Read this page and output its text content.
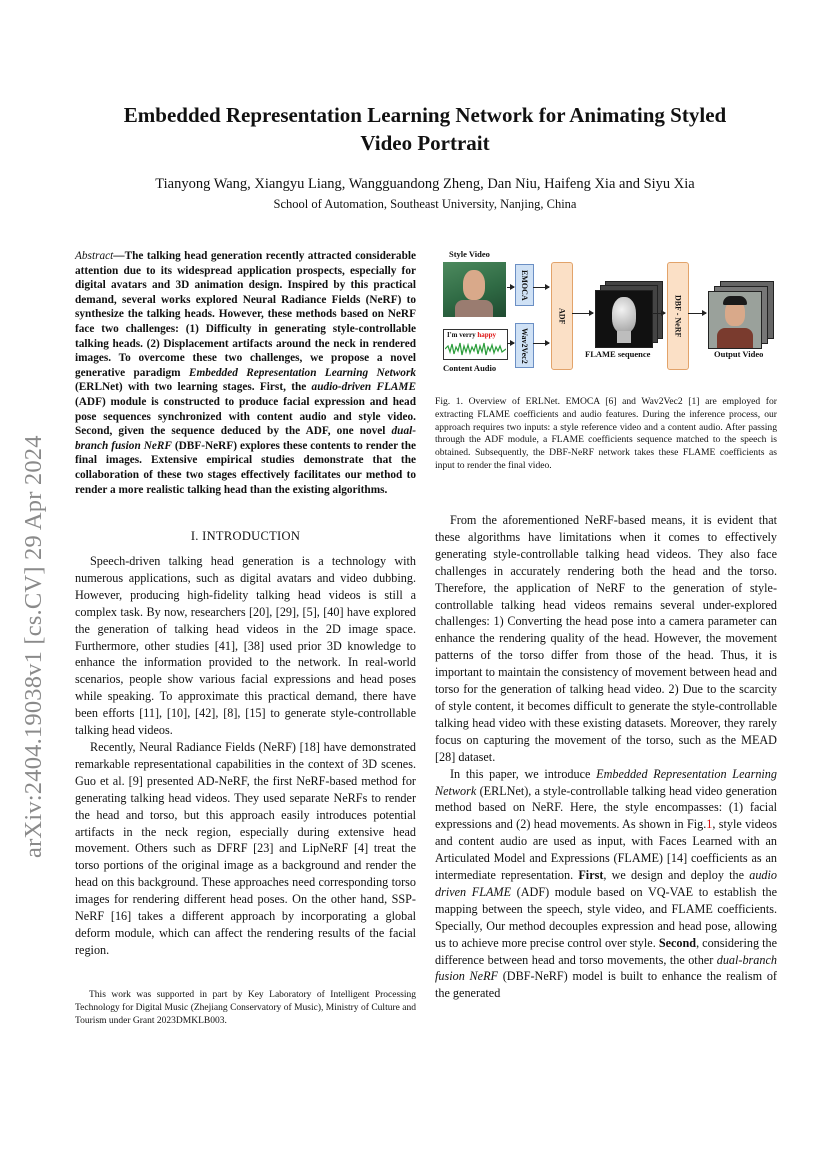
arXiv:2404.19038v1 [cs.CV] 29 Apr 2024
Embedded Representation Learning Network for Animating Styled
Video Portrait
Tianyong Wang, Xiangyu Liang, Wangguandong Zheng, Dan Niu, Haifeng Xia and Siyu Xia
School of Automation, Southeast University, Nanjing, China
Abstract—The talking head generation recently attracted considerable attention due to its widespread application prospects, especially for digital avatars and 3D animation design. Inspired by this practical demand, several works explored Neural Radiance Fields (NeRF) to synthesize the talking heads. However, these methods based on NeRF face two challenges: (1) Difficulty in generating style-controllable talking heads. (2) Displacement artifacts around the neck in rendered images. To overcome these two challenges, we propose a novel generative paradigm Embedded Representation Learning Network (ERLNet) with two learning stages. First, the audio-driven FLAME (ADF) module is constructed to produce facial expression and head pose sequences synchronized with content audio and style video. Second, given the sequence deduced by the ADF, one novel dual-branch fusion NeRF (DBF-NeRF) explores these contents to render the final images. Extensive empirical studies demonstrate that the collaboration of these two stages effectively facilitates our method to render a more realistic talking head than the existing algorithms.
I. INTRODUCTION

Speech-driven talking head generation is a technology with numerous applications, such as digital avatars and video dubbing. However, producing high-fidelity talking head videos is still a complex task. By now, researchers [20], [29], [5], [40] have explored the generation of talking head videos in the 2D image space. Furthermore, other studies [41], [38] used prior 3D knowledge to enhance the information provided to the network. In real-world scenarios, people show various facial expressions and head poses while speaking. To approximate this practical demand, there have been efforts [11], [10], [42], [8], [15] to generate style-controllable talking head videos.

Recently, Neural Radiance Fields (NeRF) [18] have demonstrated remarkable representational capabilities in the context of 3D scenes. Guo et al. [9] presented AD-NeRF, the first NeRF-based method for generating talking head videos. They used separate NeRFs to render the head and torso, but this approach easily introduces potential artifacts in the neck region, especially during extensive head movement. Others such as DFRF [23] and LipNeRF [4] treat the torso portions of the original image as a background and render the head on this background. These approaches need corresponding torso images for rendering different head poses. On the other hand, SSP-NeRF [16] takes a different approach by incorporating a global deform module, which can affect the rendering results of the facial region.

This work was supported in part by Key Laboratory of Intelligent Processing Technology for Digital Music (Zhejiang Conservatory of Music), Ministry of Culture and Tourism under Grant 2023DMKLB003.
Style Video
I'm verry happy
Content Audio
EMOCA
Wav2Vec2
ADF
FLAME sequence
DBF - NeRF
Output Video
Fig. 1. Overview of ERLNet. EMOCA [6] and Wav2Vec2 [1] are employed for extracting FLAME coefficients and audio features. During the inference process, our approach requires two inputs: a style reference video and a content audio. After passing through the ADF module, a FLAME coefficients sequence matched to the speech is obtained. Subsequently, the DBF-NeRF network takes these FLAME coefficients as input to render the final video.

From the aforementioned NeRF-based means, it is evident that these algorithms have limitations when it comes to effectively generating style-controllable talking head videos. They also face challenges in accurately rendering both the head and the torso. Therefore, the application of NeRF to the generation of style-controllable talking head videos remains several under-explored challenges: 1) Converting the head pose into a camera parameter can enhance the rendering quality of the head. However, the movement patterns of the torso differ from those of the head. Thus, it is important to maintain the consistency of movement between head and torso for the generation of talking head video. 2) Due to the scarcity of style content, it becomes difficult to generate the style-controllable talking head video with these existing datasets. Moreover, they rarely focus on capturing the movement of the torso, such as the MEAD [28] dataset.

In this paper, we introduce Embedded Representation Learning Network (ERLNet), a style-controllable talking head video generation method based on NeRF. Here, the style encompasses: (1) facial expressions and (2) head movements. As shown in Fig.1, style videos and content audio are used as input, with Faces Learned with an Articulated Model and Expressions (FLAME) [14] coefficients as an intermediate representation. First, we design and deploy the audio driven FLAME (ADF) module based on VQ-VAE to establish the mapping between the speech, style video, and FLAME coefficients. Specially, Our method decouples expression and head pose, allowing us to achieve more precise control over style. Second, considering the difference between head and torso movements, the other dual-branch fusion NeRF (DBF-NeRF) model is built to enhance the realism of the generated
